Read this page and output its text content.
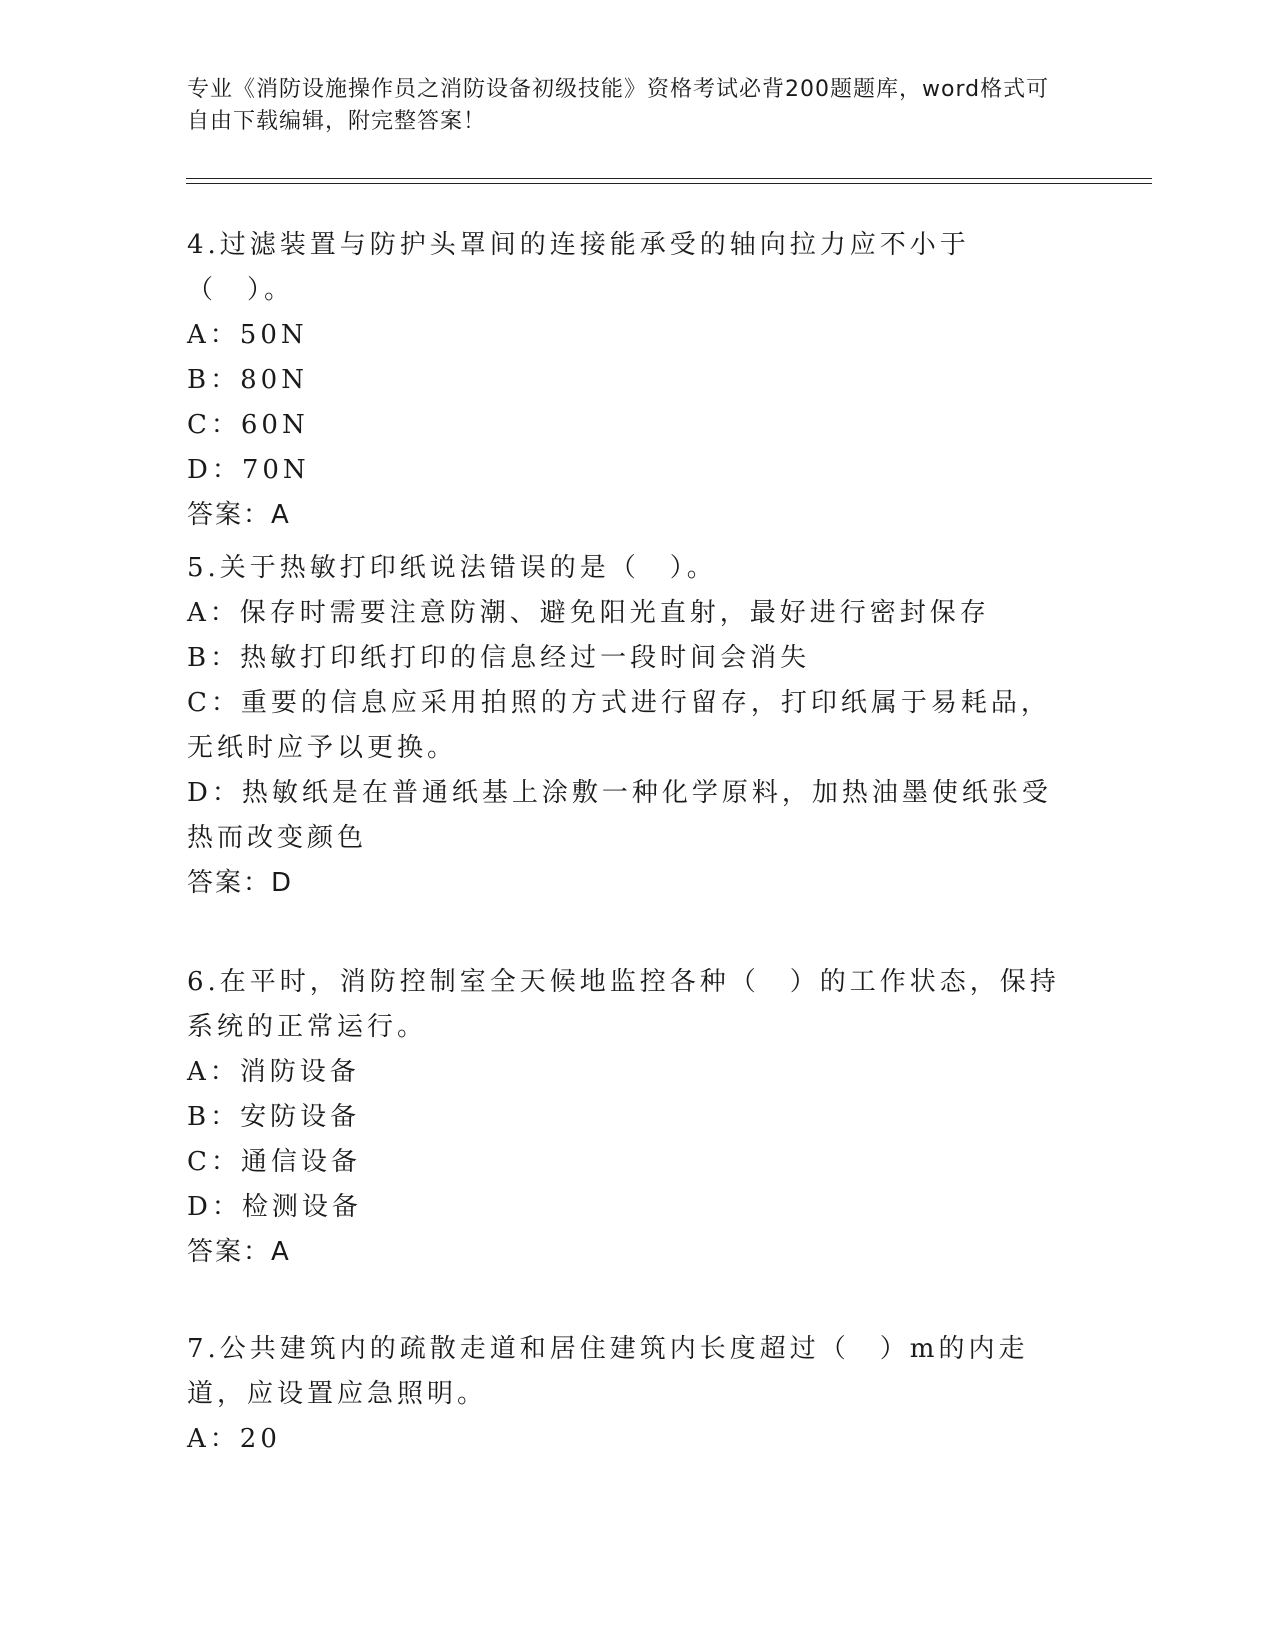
专业《消防设施操作员之消防设备初级技能》资格考试必背200题题库，word格式可自由下载编辑，附完整答案！

4.过滤装置与防护头罩间的连接能承受的轴向拉力应不小于（　）。

A：50N

B：80N

C：60N

D：70N

答案：A

5.关于热敏打印纸说法错误的是（　）。

A：保存时需要注意防潮、避免阳光直射，最好进行密封保存

B：热敏打印纸打印的信息经过一段时间会消失

C：重要的信息应采用拍照的方式进行留存，打印纸属于易耗品，无纸时应予以更换。

D：热敏纸是在普通纸基上涂敷一种化学原料，加热油墨使纸张受热而改变颜色

答案：D

6.在平时，消防控制室全天候地监控各种（　）的工作状态，保持系统的正常运行。

A：消防设备

B：安防设备

C：通信设备

D：检测设备

答案：A

7.公共建筑内的疏散走道和居住建筑内长度超过（　）m的内走道，应设置应急照明。

A：20
